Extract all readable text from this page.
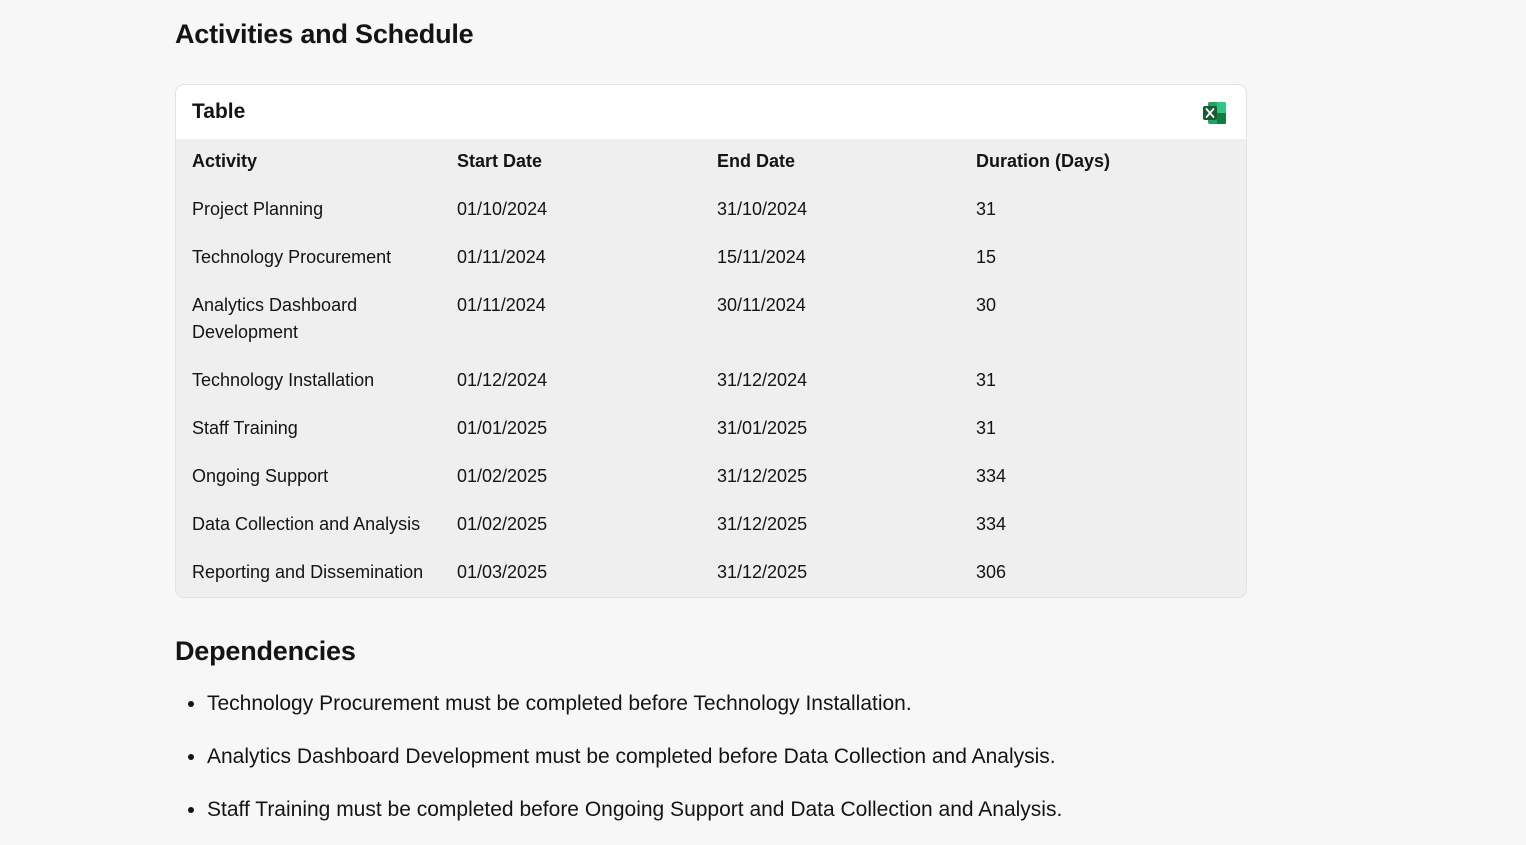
Activities and Schedule
Table
Activity	Start Date	End Date	Duration (Days)
Project Planning	01/10/2024	31/10/2024	31
Technology Procurement	01/11/2024	15/11/2024	15
Analytics Dashboard Development	01/11/2024	30/11/2024	30
Technology Installation	01/12/2024	31/12/2024	31
Staff Training	01/01/2025	31/01/2025	31
Ongoing Support	01/02/2025	31/12/2025	334
Data Collection and Analysis	01/02/2025	31/12/2025	334
Reporting and Dissemination	01/03/2025	31/12/2025	306
Dependencies
• Technology Procurement must be completed before Technology Installation.
• Analytics Dashboard Development must be completed before Data Collection and Analysis.
• Staff Training must be completed before Ongoing Support and Data Collection and Analysis.
